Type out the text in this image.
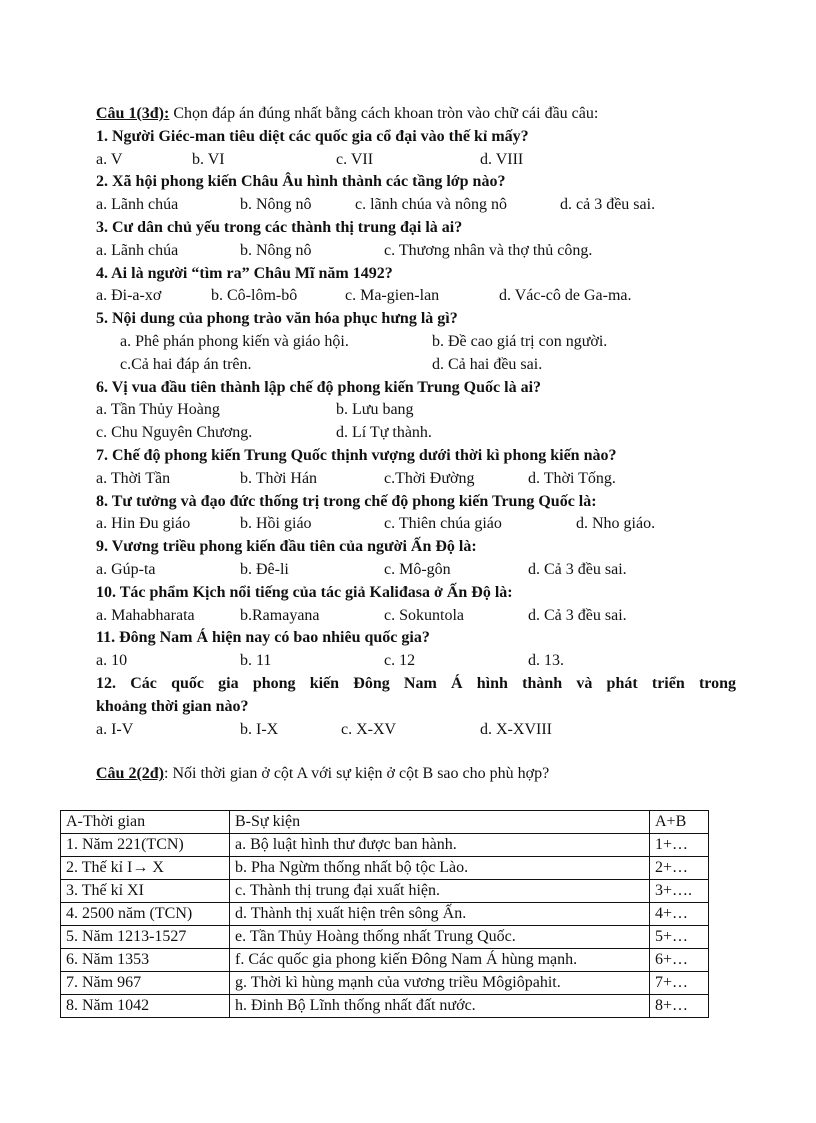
Câu 1(3đ): Chọn đáp án đúng nhất bằng cách khoan tròn vào chữ cái đầu câu:
1. Người Giéc-man tiêu diệt các quốc gia cổ đại vào thế kỉ mấy?
a. V	b. VI	c. VII	d. VIII
2. Xã hội phong kiến Châu Âu hình thành các tầng lớp nào?
a. Lãnh chúa	b. Nông nô	c. lãnh chúa và nông nô	d. cả 3 đều sai.
3. Cư dân chủ yếu trong các thành thị trung đại là ai?
a. Lãnh chúa	b. Nông nô	c. Thương nhân và thợ thủ công.
4. Ai là người “tìm ra” Châu Mĩ năm 1492?
a. Đi-a-xơ	b. Cô-lôm-bô	c. Ma-gien-lan	d. Vác-cô de Ga-ma.
5. Nội dung của phong trào văn hóa phục hưng là gì?
a. Phê phán phong kiến và giáo hội.	b. Đề cao giá trị con người.
c.Cả hai đáp án trên.	d. Cả hai đều sai.
6. Vị vua đầu tiên thành lập chế độ phong kiến Trung Quốc là ai?
a. Tần Thủy Hoàng	b. Lưu bang
c. Chu Nguyên Chương.	d. Lí Tự thành.
7. Chế độ phong kiến Trung Quốc thịnh vượng dưới thời kì phong kiến nào?
a. Thời Tần	b. Thời Hán	c.Thời Đường	d. Thời Tống.
8. Tư tưởng và đạo đức thống trị trong chế độ phong kiến Trung Quốc là:
a. Hin Đu giáo	b. Hồi giáo	c. Thiên chúa giáo	d. Nho giáo.
9. Vương triều phong kiến đầu tiên của người Ấn Độ là:
a. Gúp-ta	b. Đê-li	c. Mô-gôn	d. Cả 3 đều sai.
10. Tác phẩm Kịch nổi tiếng của tác giả Kaliđasa ở Ấn Độ là:
a. Mahabharata	b.Ramayana	c. Sokuntola	d. Cả 3 đều sai.
11. Đông Nam Á hiện nay có bao nhiêu quốc gia?
a. 10	b. 11	c. 12	d. 13.
12. Các quốc gia phong kiến Đông Nam Á hình thành và phát triển trong
khoảng thời gian nào?
a. I-V	b. I-X	c. X-XV	d. X-XVIII
Câu 2(2đ): Nối thời gian ở cột A với sự kiện ở cột B sao cho phù hợp?
A-Thời gian	B-Sự kiện	A+B
1. Năm 221(TCN)	a. Bộ luật hình thư được ban hành.	1+…
2. Thế kỉ I→ X	b. Pha Ngừm thống nhất bộ tộc Lào.	2+…
3. Thế kỉ XI	c. Thành thị trung đại xuất hiện.	3+….
4. 2500 năm (TCN)	d. Thành thị xuất hiện trên sông Ấn.	4+…
5. Năm 1213-1527	e. Tần Thủy Hoàng thống nhất Trung Quốc.	5+…
6. Năm 1353	f. Các quốc gia phong kiến Đông Nam Á hùng mạnh.	6+…
7. Năm 967	g. Thời kì hùng mạnh của vương triều Môgiôpahit.	7+…
8. Năm 1042	h. Đinh Bộ Lĩnh thống nhất đất nước.	8+…
